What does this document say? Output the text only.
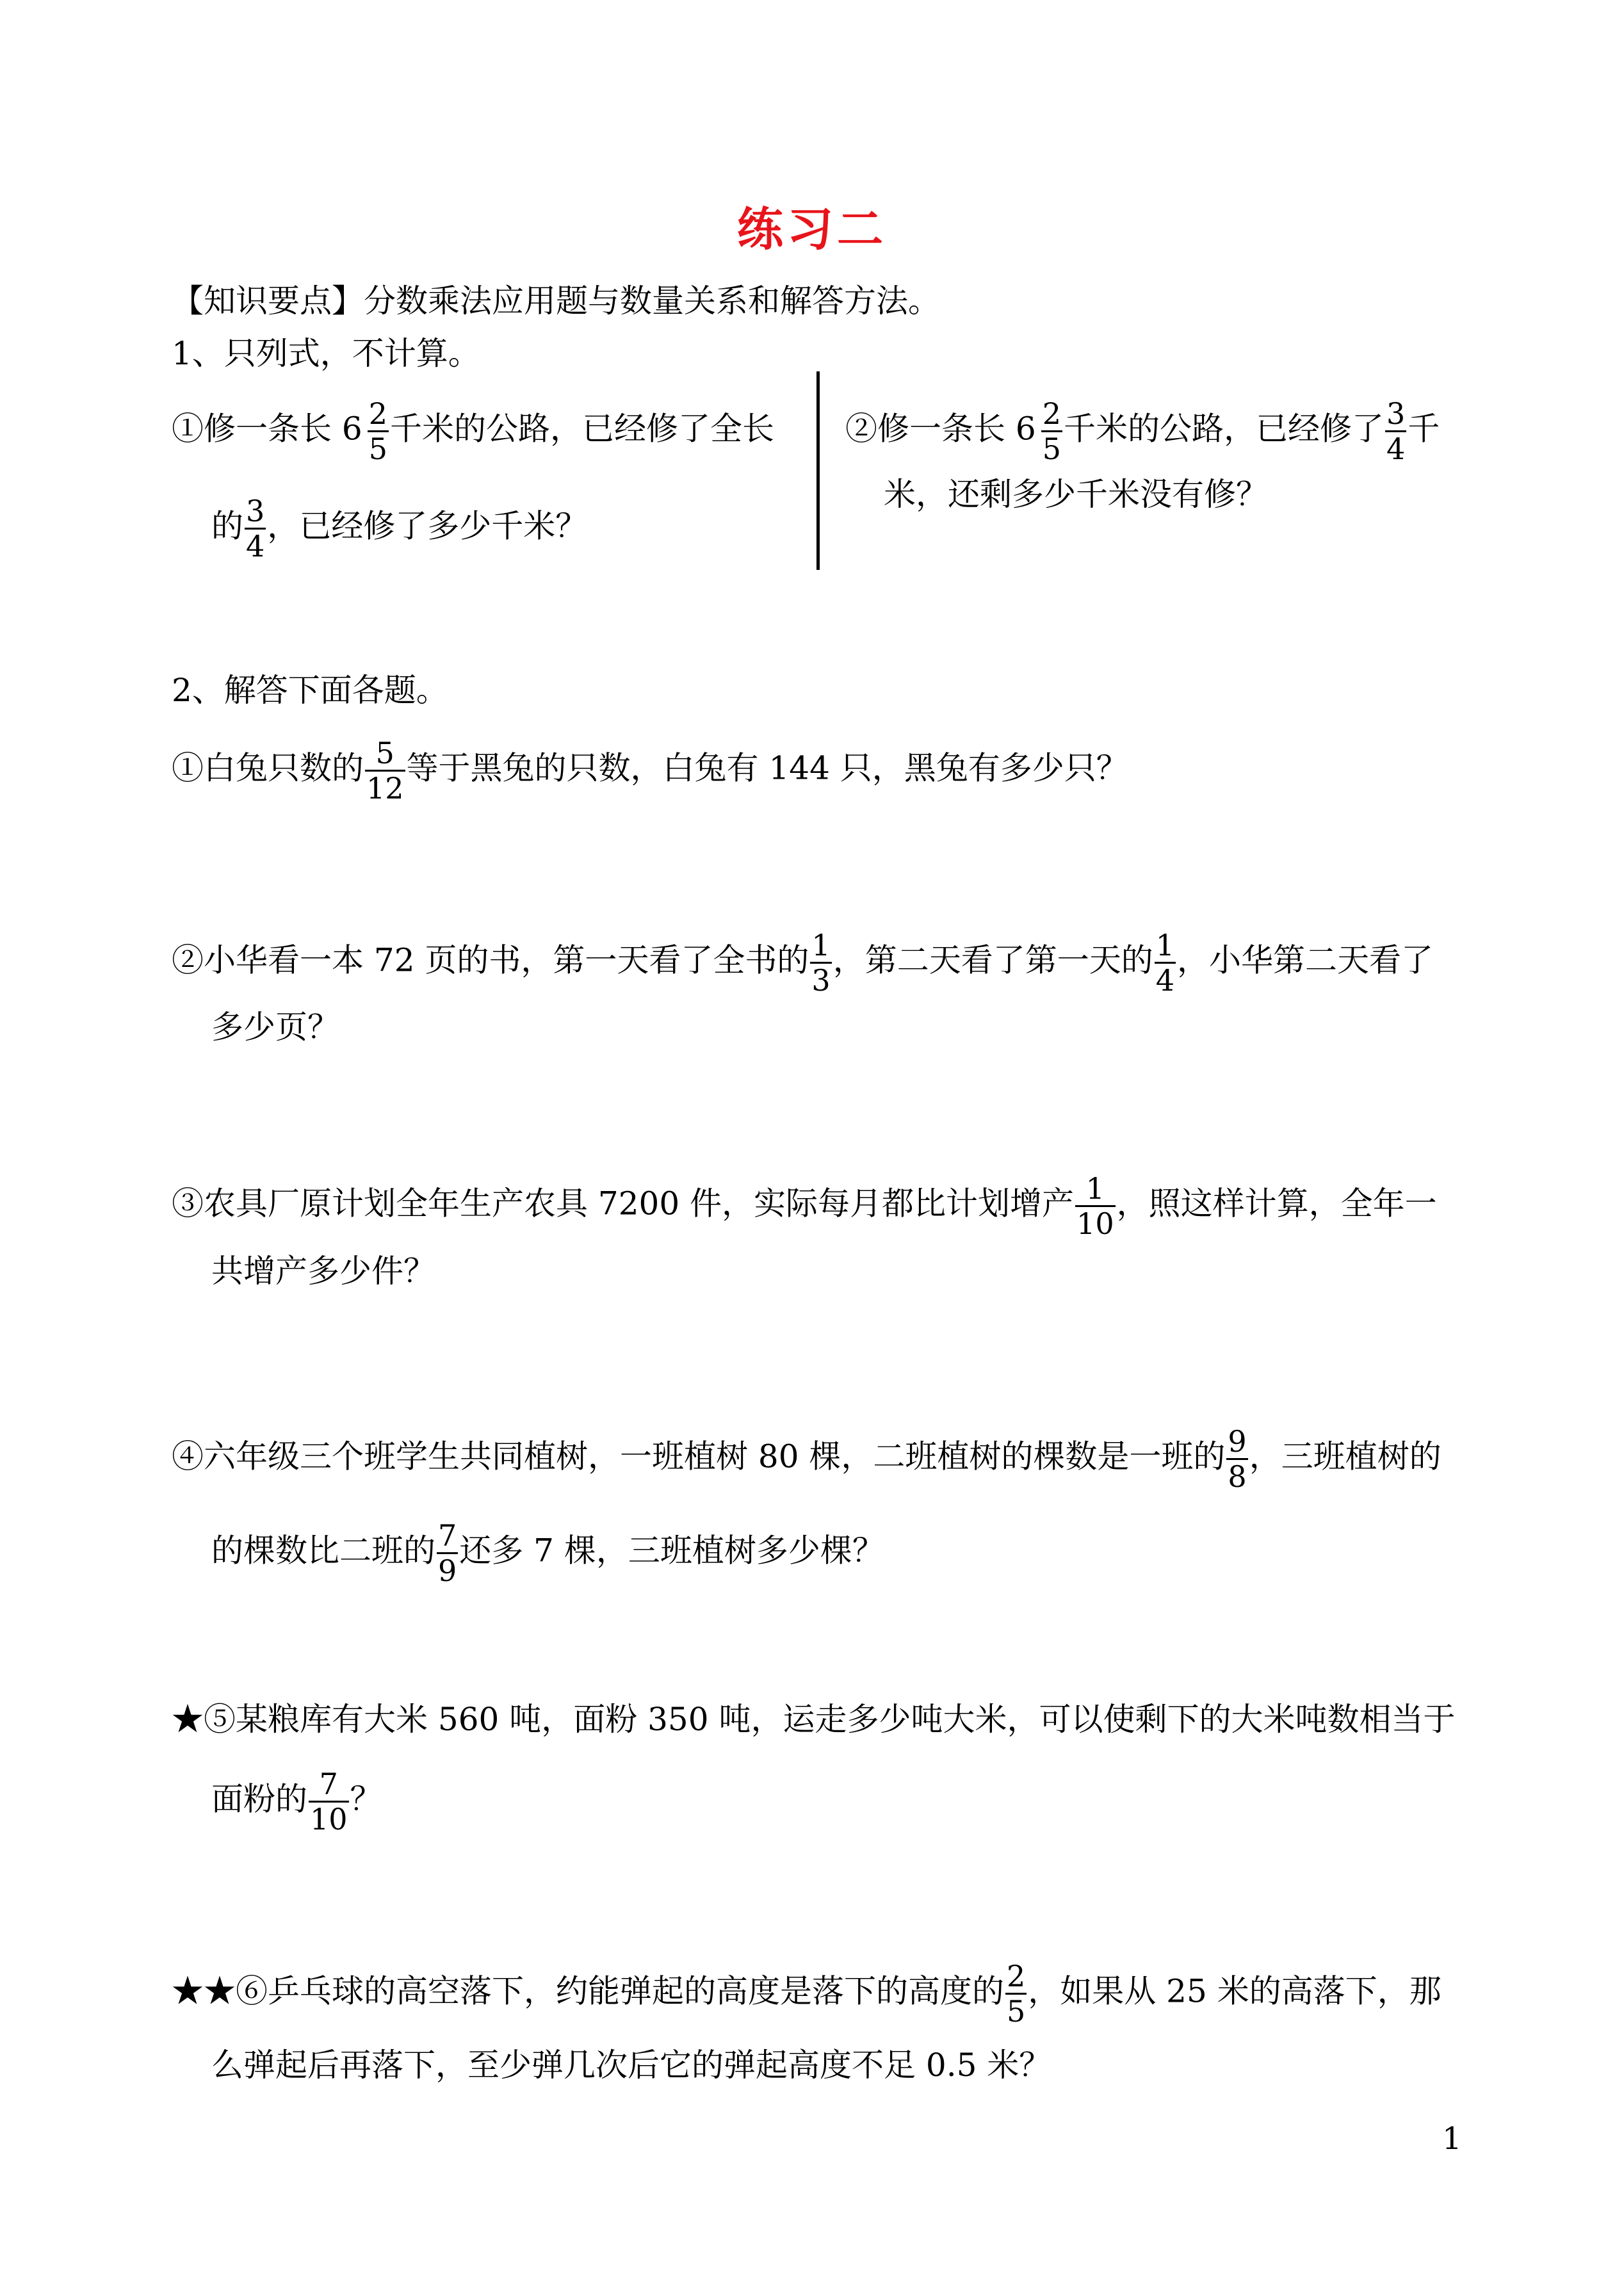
练习二
【知识要点】分数乘法应用题与数量关系和解答方法。
1、只列式，不计算。
①修一条长 $6 \frac{2}{5}$ 千米的公路，已经修了全长
的 $\frac{3}{4}$ ，已经修了多少千米？
②修一条长 $6 \frac{2}{5}$ 千米的公路，已经修了 $\frac{3}{4}$ 千
米，还剩多少千米没有修？
2、解答下面各题。
①白兔只数的 $\frac{5}{12}$ 等于黑兔的只数，白兔有 144 只，黑兔有多少只？
②小华看一本 72 页的书，第一天看了全书的 $\frac{1}{3}$ ，第二天看了第一天的 $\frac{1}{4}$ ，小华第二天看了
多少页？
③农具厂原计划全年生产农具 7200 件，实际每月都比计划增产 $\frac{1}{10}$ ，照这样计算，全年一
共增产多少件？
④六年级三个班学生共同植树，一班植树 80 棵，二班植树的棵数是一班的 $\frac{9}{8}$ ，三班植树的
的棵数比二班的 $\frac{7}{9}$ 还多 7 棵，三班植树多少棵？
★⑤某粮库有大米 560 吨，面粉 350 吨，运走多少吨大米，可以使剩下的大米吨数相当于
面粉的 $\frac{7}{10}$ ？
★★⑥乒乓球的高空落下，约能弹起的高度是落下的高度的 $\frac{2}{5}$ ，如果从 25 米的高落下，那
么弹起后再落下，至少弹几次后它的弹起高度不足 0.5 米？
1
